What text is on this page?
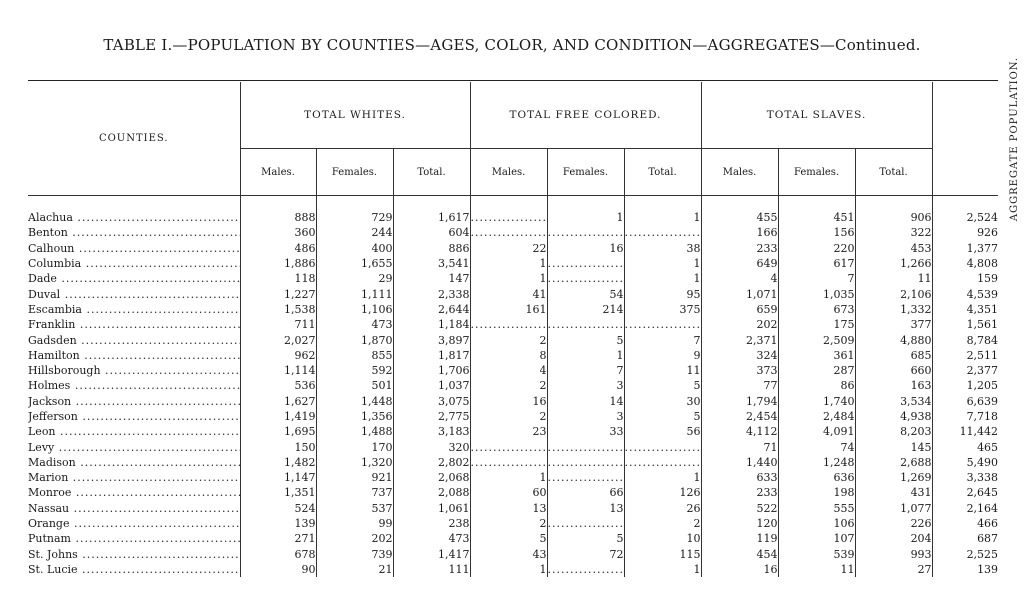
TABLE I.—POPULATION BY COUNTIES—AGES, COLOR, AND CONDITION—AGGREGATES—Continued.
COUNTIES.	TOTAL WHITES.			TOTAL FREE COLORED.			TOTAL SLAVES.			AGGREGATE POPULATION.
	Males.	Females.	Total.	Males.	Females.	Total.	Males.	Females.	Total.	

Alachua .....	888	729	1,617	.....	1	1	455	451	906	2,524
Benton .....	360	244	604	.....	.....	.....	166	156	322	926
Calhoun .....	486	400	886	22	16	38	233	220	453	1,377
Columbia .....	1,886	1,655	3,541	1	.....	1	649	617	1,266	4,808
Dade .....	118	29	147	1	.....	1	4	7	11	159
Duval .....	1,227	1,111	2,338	41	54	95	1,071	1,035	2,106	4,539
Escambia .....	1,538	1,106	2,644	161	214	375	659	673	1,332	4,351
Franklin .....	711	473	1,184	.....	.....	.....	202	175	377	1,561
Gadsden .....	2,027	1,870	3,897	2	5	7	2,371	2,509	4,880	8,784
Hamilton .....	962	855	1,817	8	1	9	324	361	685	2,511
Hillsborough .....	1,114	592	1,706	4	7	11	373	287	660	2,377
Holmes .....	536	501	1,037	2	3	5	77	86	163	1,205
Jackson .....	1,627	1,448	3,075	16	14	30	1,794	1,740	3,534	6,639
Jefferson .....	1,419	1,356	2,775	2	3	5	2,454	2,484	4,938	7,718
Leon .....	1,695	1,488	3,183	23	33	56	4,112	4,091	8,203	11,442
Levy .....	150	170	320	.....	.....	.....	71	74	145	465
Madison .....	1,482	1,320	2,802	.....	.....	.....	1,440	1,248	2,688	5,490
Marion .....	1,147	921	2,068	1	.....	1	633	636	1,269	3,338
Monroe .....	1,351	737	2,088	60	66	126	233	198	431	2,645
Nassau .....	524	537	1,061	13	13	26	522	555	1,077	2,164
Orange .....	139	99	238	2	.....	2	120	106	226	466
Putnam .....	271	202	473	5	5	10	119	107	204	687
St. Johns .....	678	739	1,417	43	72	115	454	539	993	2,525
St. Lucie .....	90	21	111	1	.....	1	16	11	27	139
